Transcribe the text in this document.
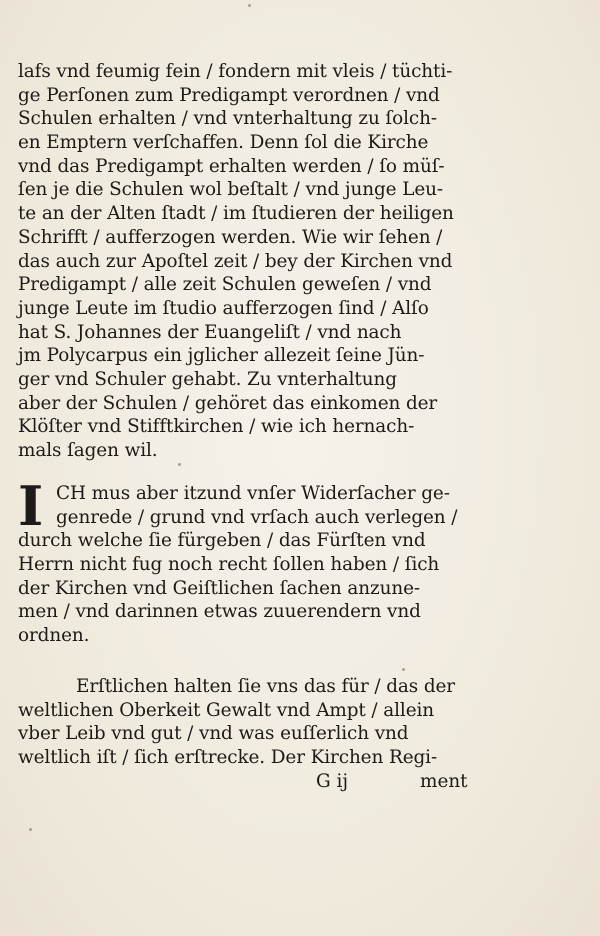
lafs vnd feumig fein / fondern mit vleis / tüchti-
ge Perſonen zum Predigampt verordnen / vnd
Schulen erhalten / vnd vnterhaltung zu ſolch-
en Emptern verſchaffen. Denn ſol die Kirche
vnd das Predigampt erhalten werden / ſo müſ-
ſen je die Schulen wol beſtalt / vnd junge Leu-
te an der Alten ſtadt / im ſtudieren der heiligen
Schrifft / aufferzogen werden. Wie wir ſehen /
das auch zur Apoſtel zeit / bey der Kirchen vnd
Predigampt / alle zeit Schulen geweſen / vnd
junge Leute im ſtudio aufferzogen ſind / Alſo
hat S. Johannes der Euangeliſt / vnd nach
jm Polycarpus ein jglicher allezeit ſeine Jün-
ger vnd Schuler gehabt. Zu vnterhaltung
aber der Schulen / gehöret das einkomen der
Klöſter vnd Stifftkirchen / wie ich hernach-
mals ſagen wil.
I CH mus aber itzund vnſer Widerſacher ge-
genrede / grund vnd vrſach auch verlegen /
durch welche ſie fürgeben / das Fürſten vnd
Herrn nicht fug noch recht ſollen haben / ſich
der Kirchen vnd Geiſtlichen ſachen anzune-
men / vnd darinnen etwas zuuerendern vnd
ordnen.
Erſtlichen halten ſie vns das für / das der
weltlichen Oberkeit Gewalt vnd Ampt / allein
vber Leib vnd gut / vnd was euſſerlich vnd
weltlich iſt / ſich erſtrecke. Der Kirchen Regi-
G ij	ment
